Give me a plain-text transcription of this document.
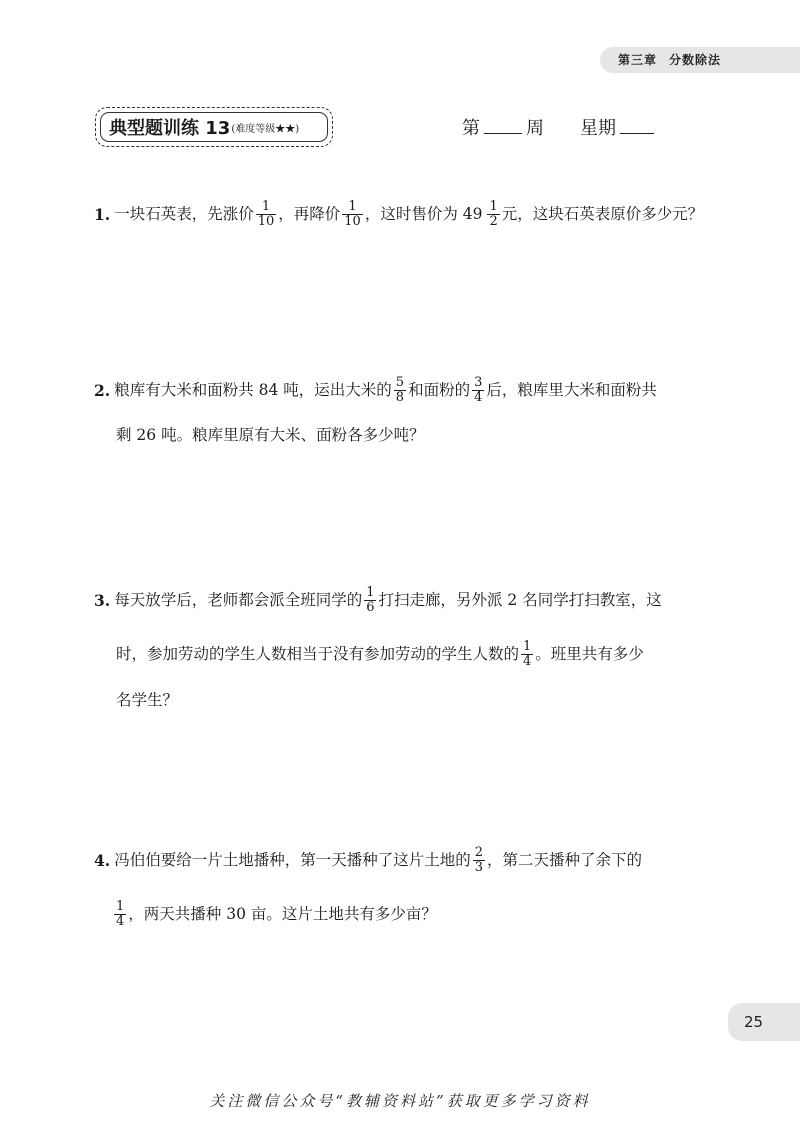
第三章 分数除法
典型题训练 13 (难度等级★★)	第	周 星期
1. 一块石英表，先涨价 $\frac{1}{10}$ ，再降价 $\frac{1}{10}$ ，这时售价为 $49 \frac{1}{2}$ 元，这块石英表原价多少元？
2. 粮库有大米和面粉共 84 吨，运出大米的 $\frac{5}{8}$ 和面粉的 $\frac{3}{4}$ 后，粮库里大米和面粉共
剩 26 吨。粮库里原有大米、面粉各多少吨？
3. 每天放学后，老师都会派全班同学的 $\frac{1}{6}$ 打扫走廊，另外派 2 名同学打扫教室，这
时，参加劳动的学生人数相当于没有参加劳动的学生人数的 $\frac{1}{4}$ 。班里共有多少
名学生？
4. 冯伯伯要给一片土地播种，第一天播种了这片土地的 $\frac{2}{3}$ ，第二天播种了余下的
$\frac{1}{4}$ ，两天共播种 30 亩。这片土地共有多少亩？
25
关注微信公众号“教辅资料站”获取更多学习资料
